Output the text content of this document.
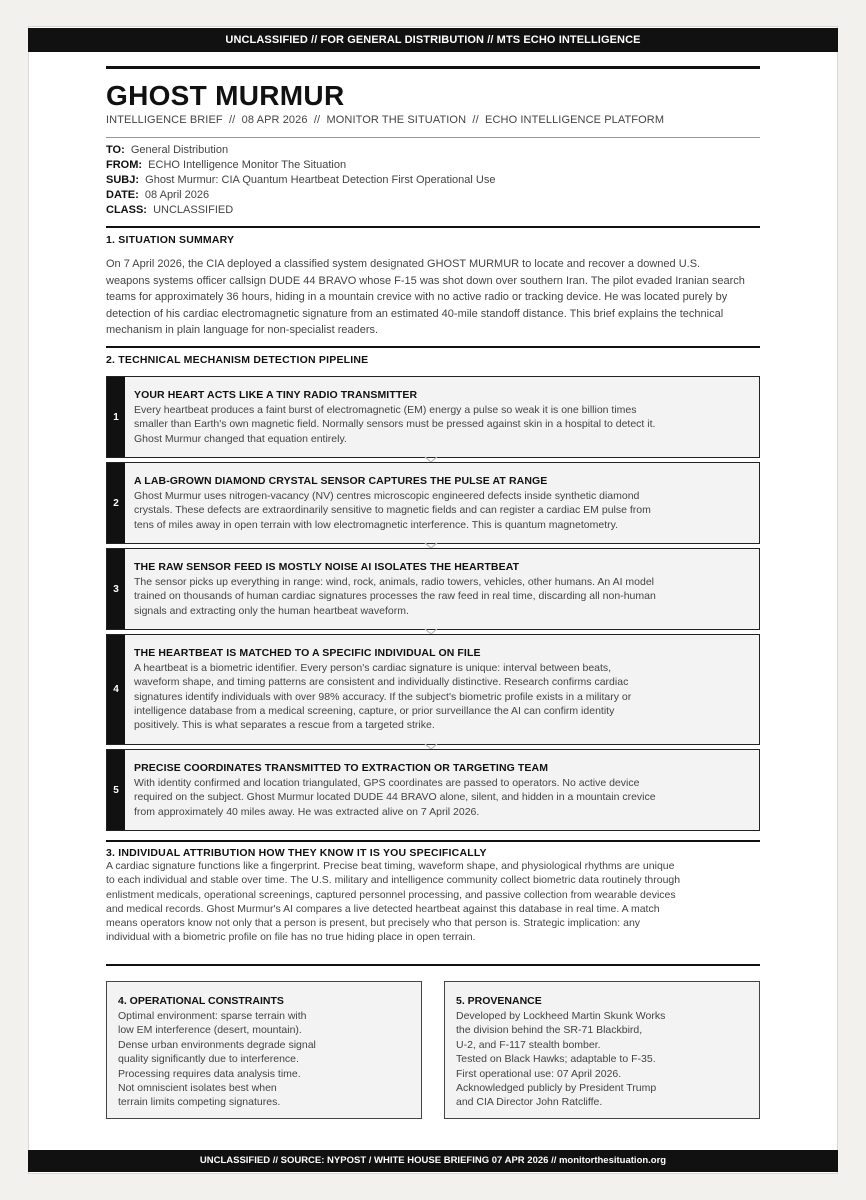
UNCLASSIFIED // FOR GENERAL DISTRIBUTION // MTS ECHO INTELLIGENCE
GHOST MURMUR
INTELLIGENCE BRIEF  //  08 APR 2026  //  MONITOR THE SITUATION  //  ECHO INTELLIGENCE PLATFORM
TO: General Distribution
FROM: ECHO Intelligence Monitor The Situation
SUBJ: Ghost Murmur: CIA Quantum Heartbeat Detection First Operational Use
DATE: 08 April 2026
CLASS: UNCLASSIFIED
1. SITUATION SUMMARY
On 7 April 2026, the CIA deployed a classified system designated GHOST MURMUR to locate and recover a downed U.S. weapons systems officer callsign DUDE 44 BRAVO whose F-15 was shot down over southern Iran. The pilot evaded Iranian search teams for approximately 36 hours, hiding in a mountain crevice with no active radio or tracking device. He was located purely by detection of his cardiac electromagnetic signature from an estimated 40-mile standoff distance. This brief explains the technical mechanism in plain language for non-specialist readers.
2. TECHNICAL MECHANISM DETECTION PIPELINE
1
YOUR HEART ACTS LIKE A TINY RADIO TRANSMITTER
Every heartbeat produces a faint burst of electromagnetic (EM) energy a pulse so weak it is one billion times smaller than Earth's own magnetic field. Normally sensors must be pressed against skin in a hospital to detect it. Ghost Murmur changed that equation entirely.
2
A LAB-GROWN DIAMOND CRYSTAL SENSOR CAPTURES THE PULSE AT RANGE
Ghost Murmur uses nitrogen-vacancy (NV) centres microscopic engineered defects inside synthetic diamond crystals. These defects are extraordinarily sensitive to magnetic fields and can register a cardiac EM pulse from tens of miles away in open terrain with low electromagnetic interference. This is quantum magnetometry.
3
THE RAW SENSOR FEED IS MOSTLY NOISE AI ISOLATES THE HEARTBEAT
The sensor picks up everything in range: wind, rock, animals, radio towers, vehicles, other humans. An AI model trained on thousands of human cardiac signatures processes the raw feed in real time, discarding all non-human signals and extracting only the human heartbeat waveform.
4
THE HEARTBEAT IS MATCHED TO A SPECIFIC INDIVIDUAL ON FILE
A heartbeat is a biometric identifier. Every person's cardiac signature is unique: interval between beats, waveform shape, and timing patterns are consistent and individually distinctive. Research confirms cardiac signatures identify individuals with over 98% accuracy. If the subject's biometric profile exists in a military or intelligence database from a medical screening, capture, or prior surveillance the AI can confirm identity positively. This is what separates a rescue from a targeted strike.
5
PRECISE COORDINATES TRANSMITTED TO EXTRACTION OR TARGETING TEAM
With identity confirmed and location triangulated, GPS coordinates are passed to operators. No active device required on the subject. Ghost Murmur located DUDE 44 BRAVO alone, silent, and hidden in a mountain crevice from approximately 40 miles away. He was extracted alive on 7 April 2026.
3. INDIVIDUAL ATTRIBUTION HOW THEY KNOW IT IS YOU SPECIFICALLY
A cardiac signature functions like a fingerprint. Precise beat timing, waveform shape, and physiological rhythms are unique to each individual and stable over time. The U.S. military and intelligence community collect biometric data routinely through enlistment medicals, operational screenings, captured personnel processing, and passive collection from wearable devices and medical records. Ghost Murmur's AI compares a live detected heartbeat against this database in real time. A match means operators know not only that a person is present, but precisely who that person is. Strategic implication: any individual with a biometric profile on file has no true hiding place in open terrain.
4. OPERATIONAL CONSTRAINTS
Optimal environment: sparse terrain with
low EM interference (desert, mountain).
Dense urban environments degrade signal
quality significantly due to interference.
Processing requires data analysis time.
Not omniscient isolates best when
terrain limits competing signatures.
5. PROVENANCE
Developed by Lockheed Martin Skunk Works
the division behind the SR-71 Blackbird,
U-2, and F-117 stealth bomber.
Tested on Black Hawks; adaptable to F-35.
First operational use: 07 April 2026.
Acknowledged publicly by President Trump
and CIA Director John Ratcliffe.
UNCLASSIFIED // SOURCE: NYPOST / WHITE HOUSE BRIEFING 07 APR 2026 // monitorthesituation.org
